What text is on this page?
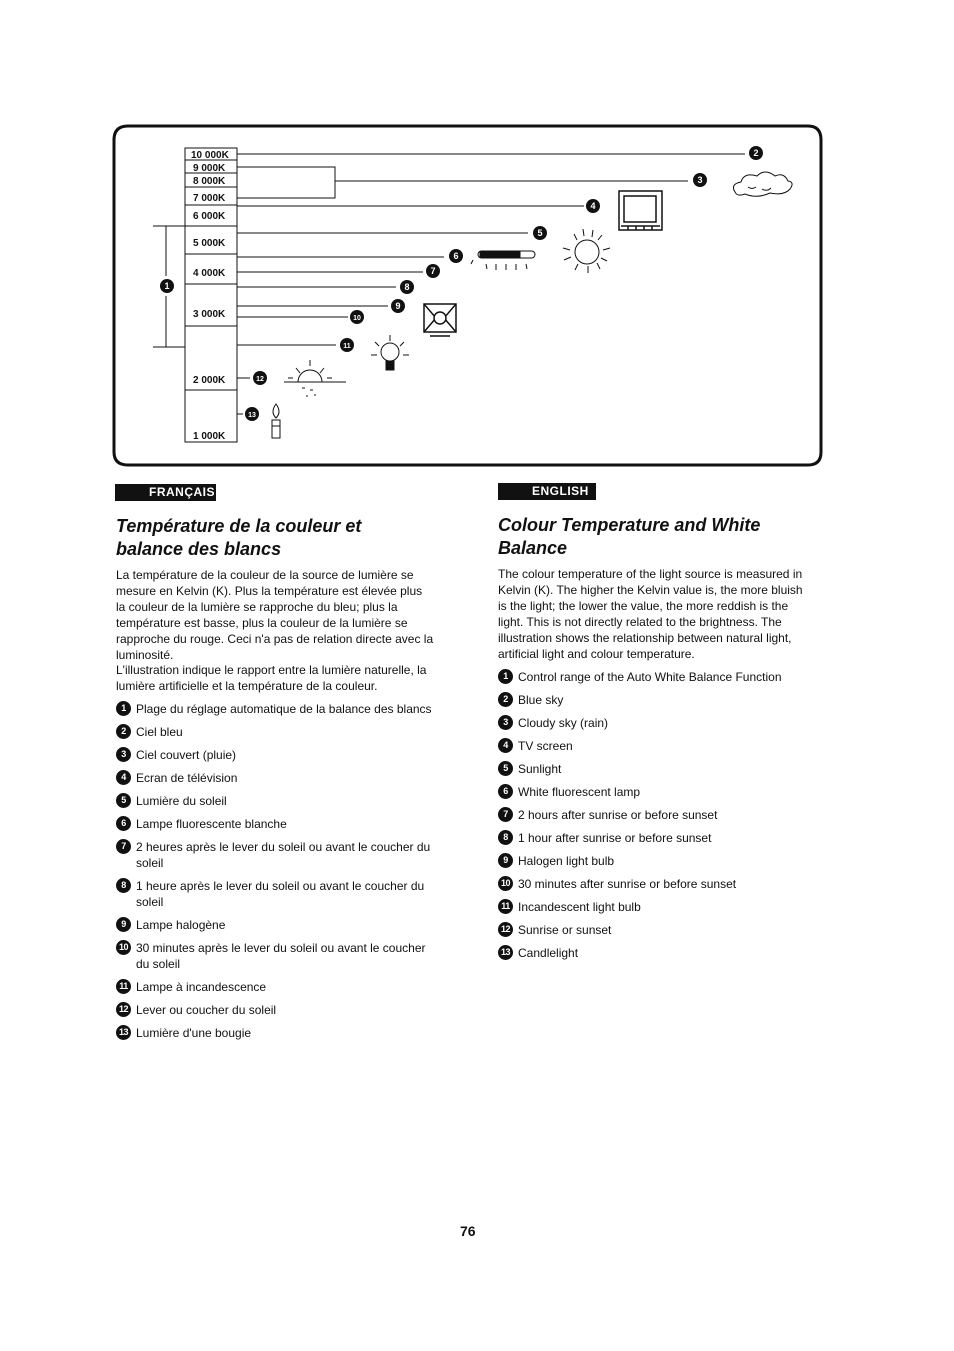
10 000K
9 000K
8 000K
7 000K
6 000K
5 000K
4 000K
3 000K
2 000K
1 000K
1
2
3
4
5
6
7
8
9
10
11
12
13
FRANÇAIS
Température de la couleur et
balance des blancs

La température de la couleur de la source de lumière se mesure en Kelvin (K). Plus la température est élevée plus la couleur de la lumière se rapproche du bleu; plus la température est basse, plus la couleur de la lumière se rapproche du rouge. Ceci n'a pas de relation directe avec la luminosité.

L'illustration indique le rapport entre la lumière naturelle, la lumière artificielle et la température de la couleur.

1 Plage du réglage automatique de la balance des blancs
2 Ciel bleu
3 Ciel couvert (pluie)
4 Ecran de télévision
5 Lumière du soleil
6 Lampe fluorescente blanche
7 2 heures après le lever du soleil ou avant le coucher du soleil
8 1 heure après le lever du soleil ou avant le coucher du soleil
9 Lampe halogène
10 30 minutes après le lever du soleil ou avant le coucher du soleil
11 Lampe à incandescence
12 Lever ou coucher du soleil
13 Lumière d'une bougie
ENGLISH
Colour Temperature and White
Balance

The colour temperature of the light source is measured in Kelvin (K). The higher the Kelvin value is, the more bluish is the light; the lower the value, the more reddish is the light. This is not directly related to the brightness. The illustration shows the relationship between natural light, artificial light and colour temperature.

1 Control range of the Auto White Balance Function
2 Blue sky
3 Cloudy sky (rain)
4 TV screen
5 Sunlight
6 White fluorescent lamp
7 2 hours after sunrise or before sunset
8 1 hour after sunrise or before sunset
9 Halogen light bulb
10 30 minutes after sunrise or before sunset
11 Incandescent light bulb
12 Sunrise or sunset
13 Candlelight
76
